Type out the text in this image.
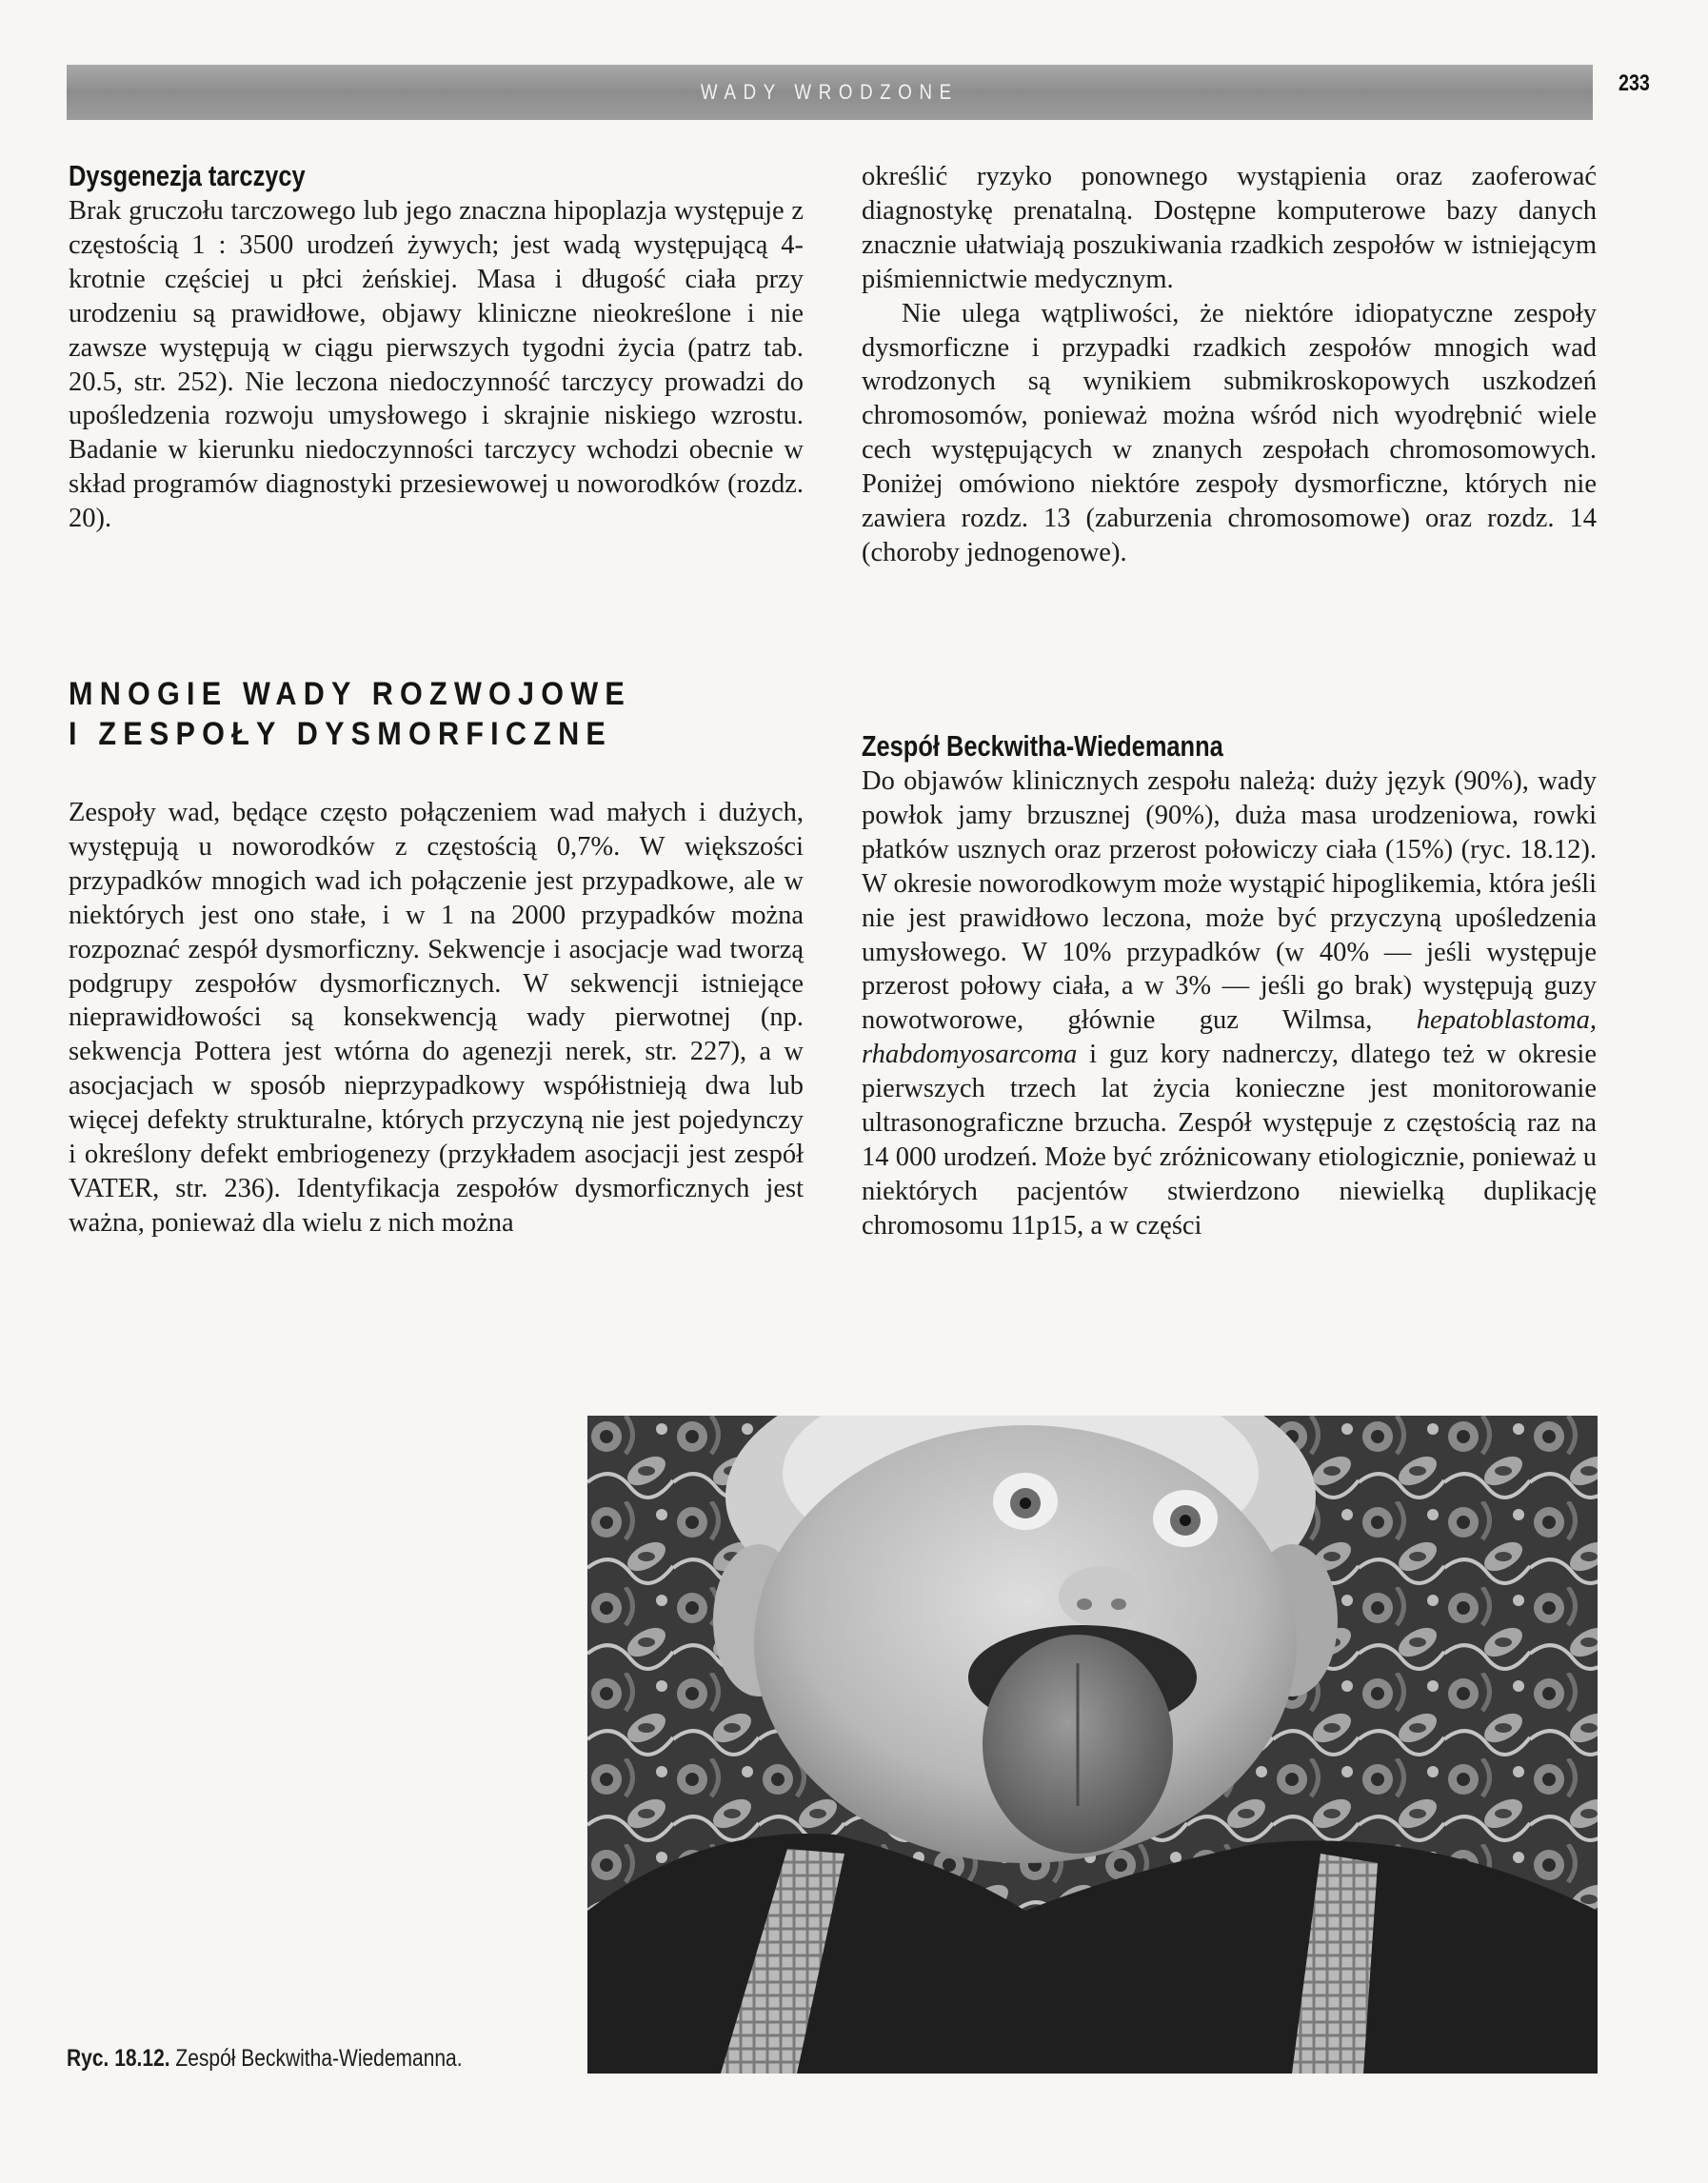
WADY WRODZONE	233
Dysgenezja tarczycy

Brak gruczołu tarczowego lub jego znaczna hipoplazja występuje z częstością 1 : 3500 urodzeń żywych; jest wadą występującą 4-krotnie częściej u płci żeńskiej. Masa i długość ciała przy urodzeniu są prawidłowe, objawy kliniczne nieokreślone i nie zawsze występują w ciągu pierwszych tygodni życia (patrz tab. 20.5, str. 252). Nie leczona niedoczynność tarczycy prowadzi do upośledzenia rozwoju umysłowego i skrajnie niskiego wzrostu. Badanie w kierunku niedoczynności tarczycy wchodzi obecnie w skład programów diagnostyki przesiewowej u noworodków (rozdz. 20).

MNOGIE WADY ROZWOJOWE
I ZESPOŁY DYSMORFICZNE

Zespoły wad, będące często połączeniem wad małych i dużych, występują u noworodków z częstością 0,7%. W większości przypadków mnogich wad ich połączenie jest przypadkowe, ale w niektórych jest ono stałe, i w 1 na 2000 przypadków można rozpoznać zespół dysmorficzny. Sekwencje i asocjacje wad tworzą podgrupy zespołów dysmorficznych. W sekwencji istniejące nieprawidłowości są konsekwencją wady pierwotnej (np. sekwencja Pottera jest wtórna do agenezji nerek, str. 227), a w asocjacjach w sposób nieprzypadkowy współistnieją dwa lub więcej defekty strukturalne, których przyczyną nie jest pojedynczy i określony defekt embriogenezy (przykładem asocjacji jest zespół VATER, str. 236). Identyfikacja zespołów dysmorficznych jest ważna, ponieważ dla wielu z nich można

określić ryzyko ponownego wystąpienia oraz zaoferować diagnostykę prenatalną. Dostępne komputerowe bazy danych znacznie ułatwiają poszukiwania rzadkich zespołów w istniejącym piśmiennictwie medycznym.

Nie ulega wątpliwości, że niektóre idiopatyczne zespoły dysmorficzne i przypadki rzadkich zespołów mnogich wad wrodzonych są wynikiem submikroskopowych uszkodzeń chromosomów, ponieważ można wśród nich wyodrębnić wiele cech występujących w znanych zespołach chromosomowych. Poniżej omówiono niektóre zespoły dysmorficzne, których nie zawiera rozdz. 13 (zaburzenia chromosomowe) oraz rozdz. 14 (choroby jednogenowe).

Zespół Beckwitha-Wiedemanna

Do objawów klinicznych zespołu należą: duży język (90%), wady powłok jamy brzusznej (90%), duża masa urodzeniowa, rowki płatków usznych oraz przerost połowiczy ciała (15%) (ryc. 18.12). W okresie noworodkowym może wystąpić hipoglikemia, która jeśli nie jest prawidłowo leczona, może być przyczyną upośledzenia umysłowego. W 10% przypadków (w 40% — jeśli występuje przerost połowy ciała, a w 3% — jeśli go brak) występują guzy nowotworowe, głównie guz Wilmsa, hepatoblastoma, rhabdomyosarcoma i guz kory nadnerczy, dlatego też w okresie pierwszych trzech lat życia konieczne jest monitorowanie ultrasonograficzne brzucha. Zespół występuje z częstością raz na 14 000 urodzeń. Może być zróżnicowany etiologicznie, ponieważ u niektórych pacjentów stwierdzono niewielką duplikację chromosomu 11p15, a w części

Ryc. 18.12. Zespół Beckwitha-Wiedemanna.
